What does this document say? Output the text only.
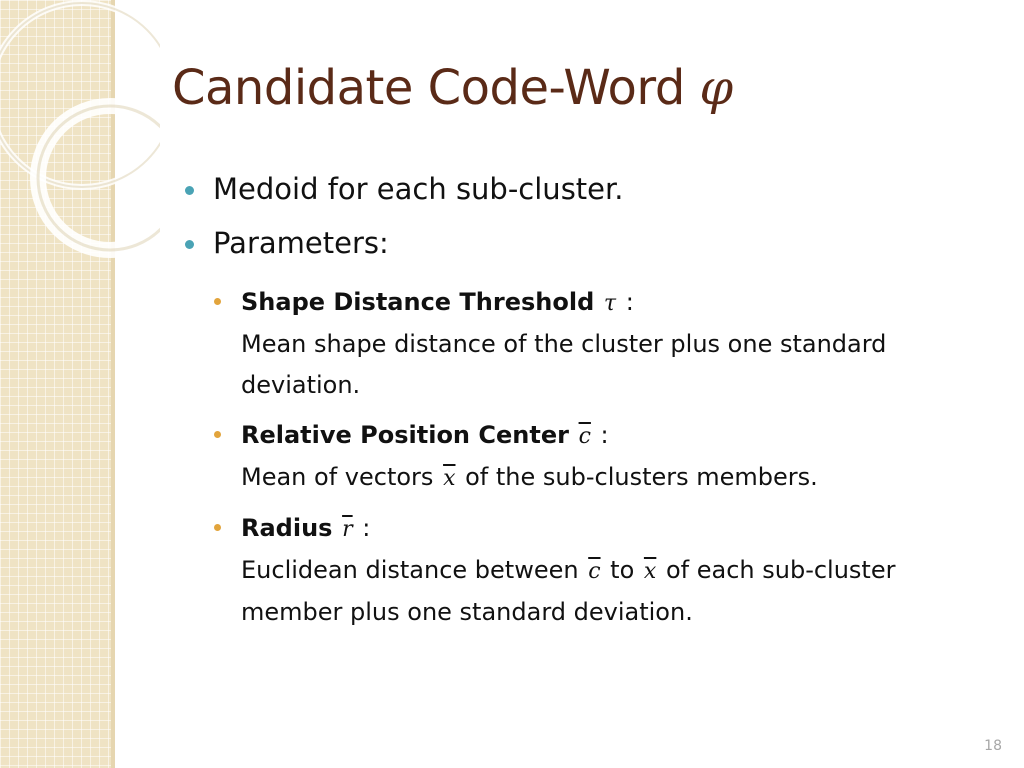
Candidate Code-Word φ
Medoid for each sub-cluster.
Parameters:
Shape Distance Threshold τ :
Mean shape distance of the cluster plus one standard deviation.
Relative Position Center $\overline{c}$ :
Mean of vectors $\overline{x}$ of the sub-clusters members.
Radius $\overline{r}$ :
Euclidean distance between $\overline{c}$ to $\overline{x}$ of each sub-cluster member plus one standard deviation.
18
